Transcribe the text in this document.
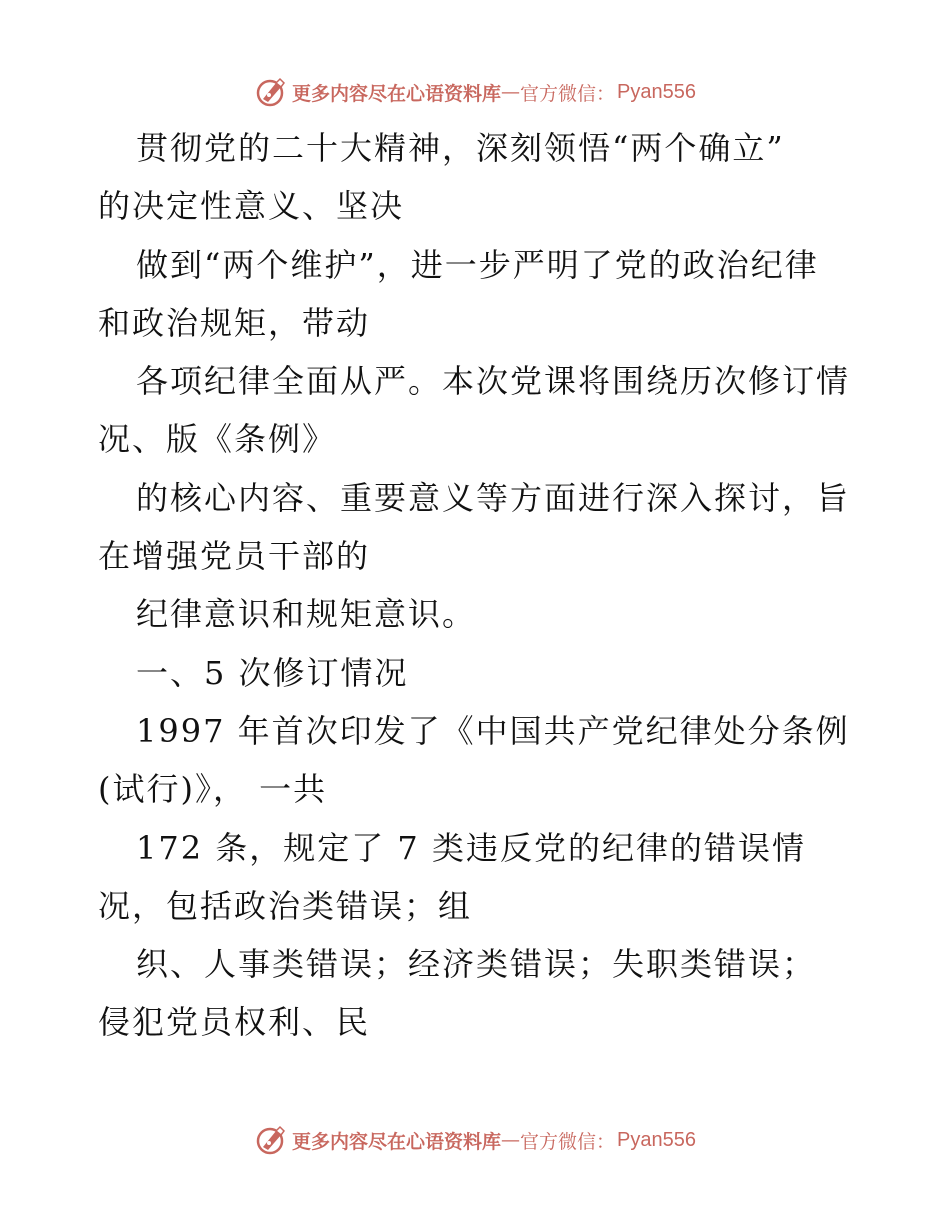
更多内容尽在心语资料库 — 官方微信： Pyan556
贯彻党的二十大精神，深刻领悟“两个确立”
的决定性意义、坚决
做到“两个维护”，进一步严明了党的政治纪律
和政治规矩，带动
各项纪律全面从严。本次党课将围绕历次修订情
况、版《条例》
的核心内容、重要意义等方面进行深入探讨，旨
在增强党员干部的
纪律意识和规矩意识。
一、5 次修订情况
1997 年首次印发了《中国共产党纪律处分条例
(试行)》， 一共
172 条，规定了 7 类违反党的纪律的错误情
况，包括政治类错误；组
织、人事类错误；经济类错误；失职类错误；
侵犯党员权利、民
更多内容尽在心语资料库 — 官方微信： Pyan556
